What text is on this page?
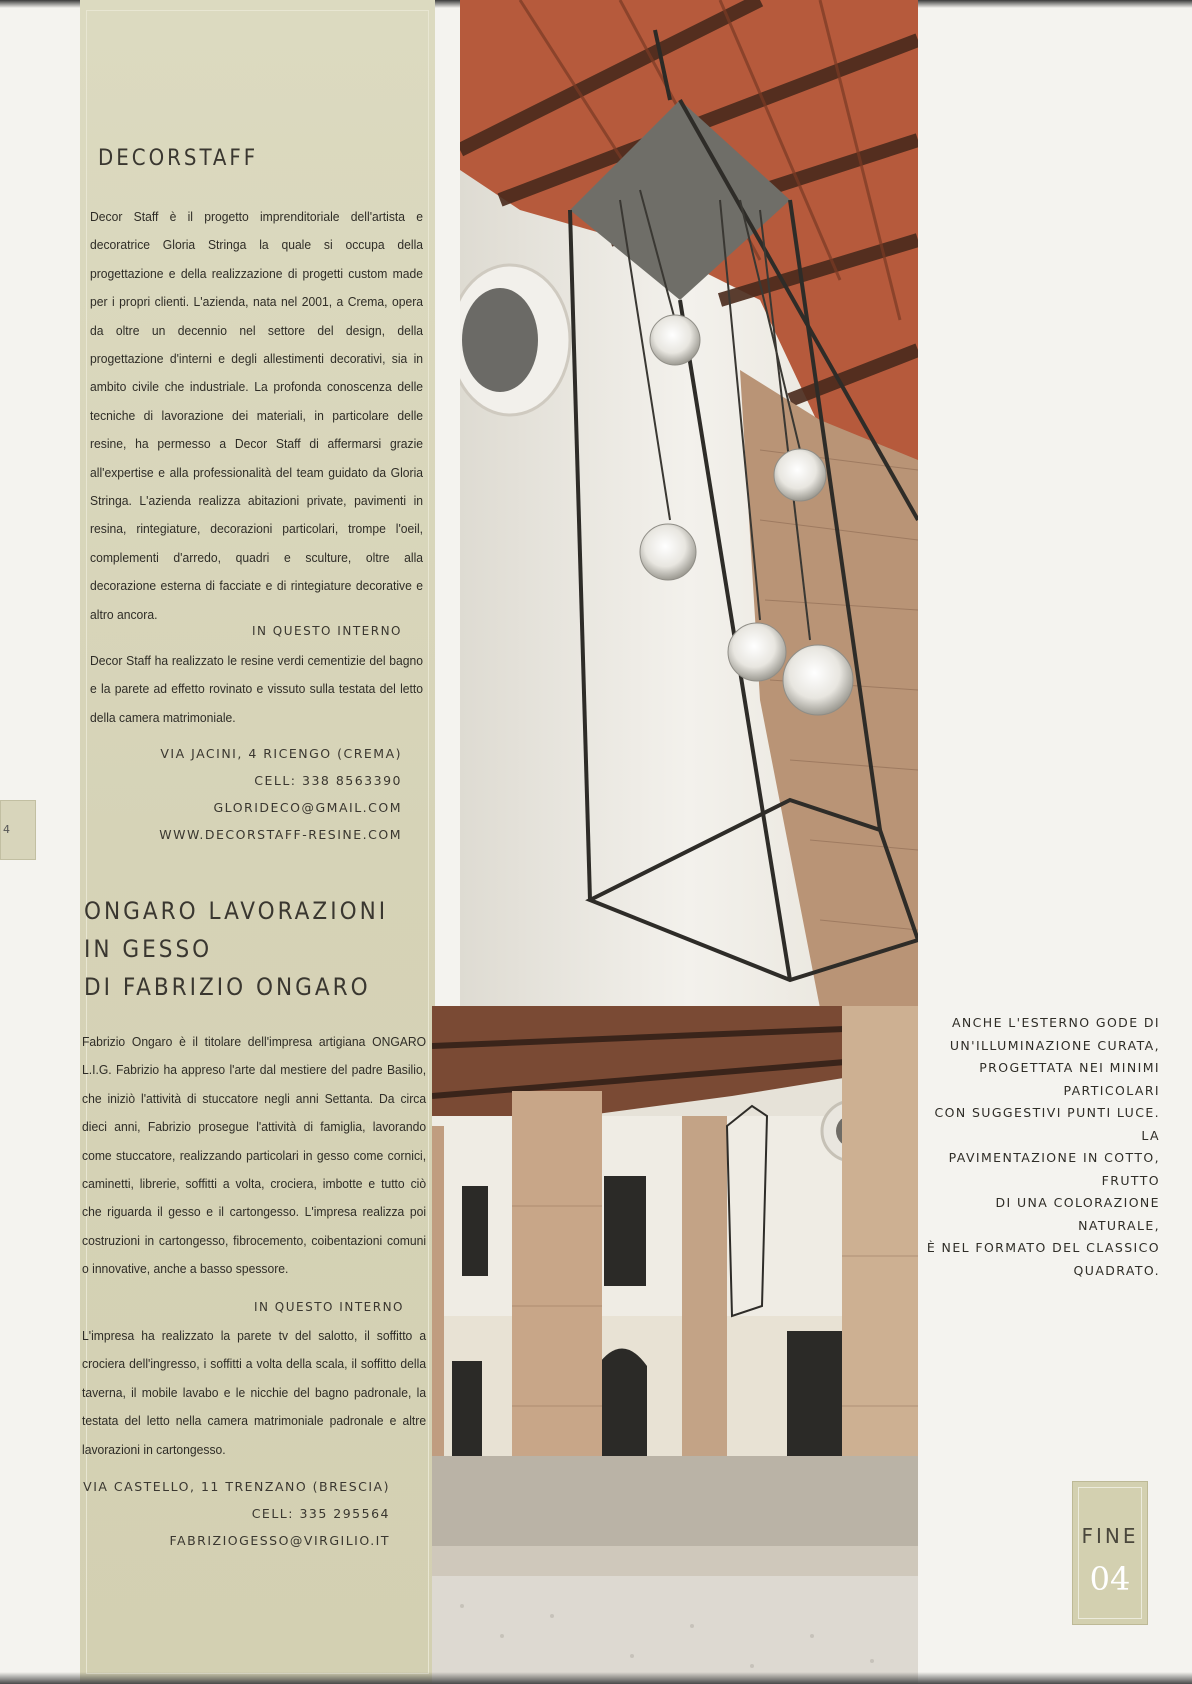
4
DECORSTAFF

Decor Staff è il progetto imprenditoriale dell'artista e decoratrice Gloria Stringa la quale si occupa della progettazione e della realizzazione di progetti custom made per i propri clienti. L'azienda, nata nel 2001, a Crema, opera da oltre un decennio nel settore del design, della progettazione d'interni e degli allestimenti decorativi, sia in ambito civile che industriale. La profonda conoscenza delle tecniche di lavorazione dei materiali, in particolare delle resine, ha permesso a Decor Staff di affermarsi grazie all'expertise e alla professionalità del team guidato da Gloria Stringa. L'azienda realizza abitazioni private, pavimenti in resina, rintegiature, decorazioni particolari, trompe l'oeil, complementi d'arredo, quadri e sculture, oltre alla decorazione esterna di facciate e di rintegiature decorative e altro ancora.

IN QUESTO INTERNO

Decor Staff ha realizzato le resine verdi cementizie del bagno e la parete ad effetto rovinato e vissuto sulla testata del letto della camera matrimoniale.

VIA JACINI, 4 RICENGO (CREMA)
CELL: 338 8563390
GLORIDECO@GMAIL.COM
WWW.DECORSTAFF-RESINE.COM
ONGARO LAVORAZIONI
IN GESSO
DI FABRIZIO ONGARO

Fabrizio Ongaro è il titolare dell'impresa artigiana ONGARO L.I.G. Fabrizio ha appreso l'arte dal mestiere del padre Basilio, che iniziò l'attività di stuccatore negli anni Settanta. Da circa dieci anni, Fabrizio prosegue l'attività di famiglia, lavorando come stuccatore, realizzando particolari in gesso come cornici, caminetti, librerie, soffitti a volta, crociera, imbotte e tutto ciò che riguarda il gesso e il cartongesso. L'impresa realizza poi costruzioni in cartongesso, fibrocemento, coibentazioni comuni o innovative, anche a basso spessore.

IN QUESTO INTERNO

L'impresa ha realizzato la parete tv del salotto, il soffitto a crociera dell'ingresso, i soffitti a volta della scala, il soffitto della taverna, il mobile lavabo e le nicchie del bagno padronale, la testata del letto nella camera matrimoniale padronale e altre lavorazioni in cartongesso.

VIA CASTELLO, 11 TRENZANO (BRESCIA)
CELL: 335 295564
FABRIZIOGESSO@VIRGILIO.IT
ANCHE L'ESTERNO GODE DI
UN'ILLUMINAZIONE CURATA,
PROGETTATA NEI MINIMI PARTICOLARI
CON SUGGESTIVI PUNTI LUCE. LA
PAVIMENTAZIONE IN COTTO, FRUTTO
DI UNA COLORAZIONE NATURALE,
È NEL FORMATO DEL CLASSICO
QUADRATO.
FINE
04
